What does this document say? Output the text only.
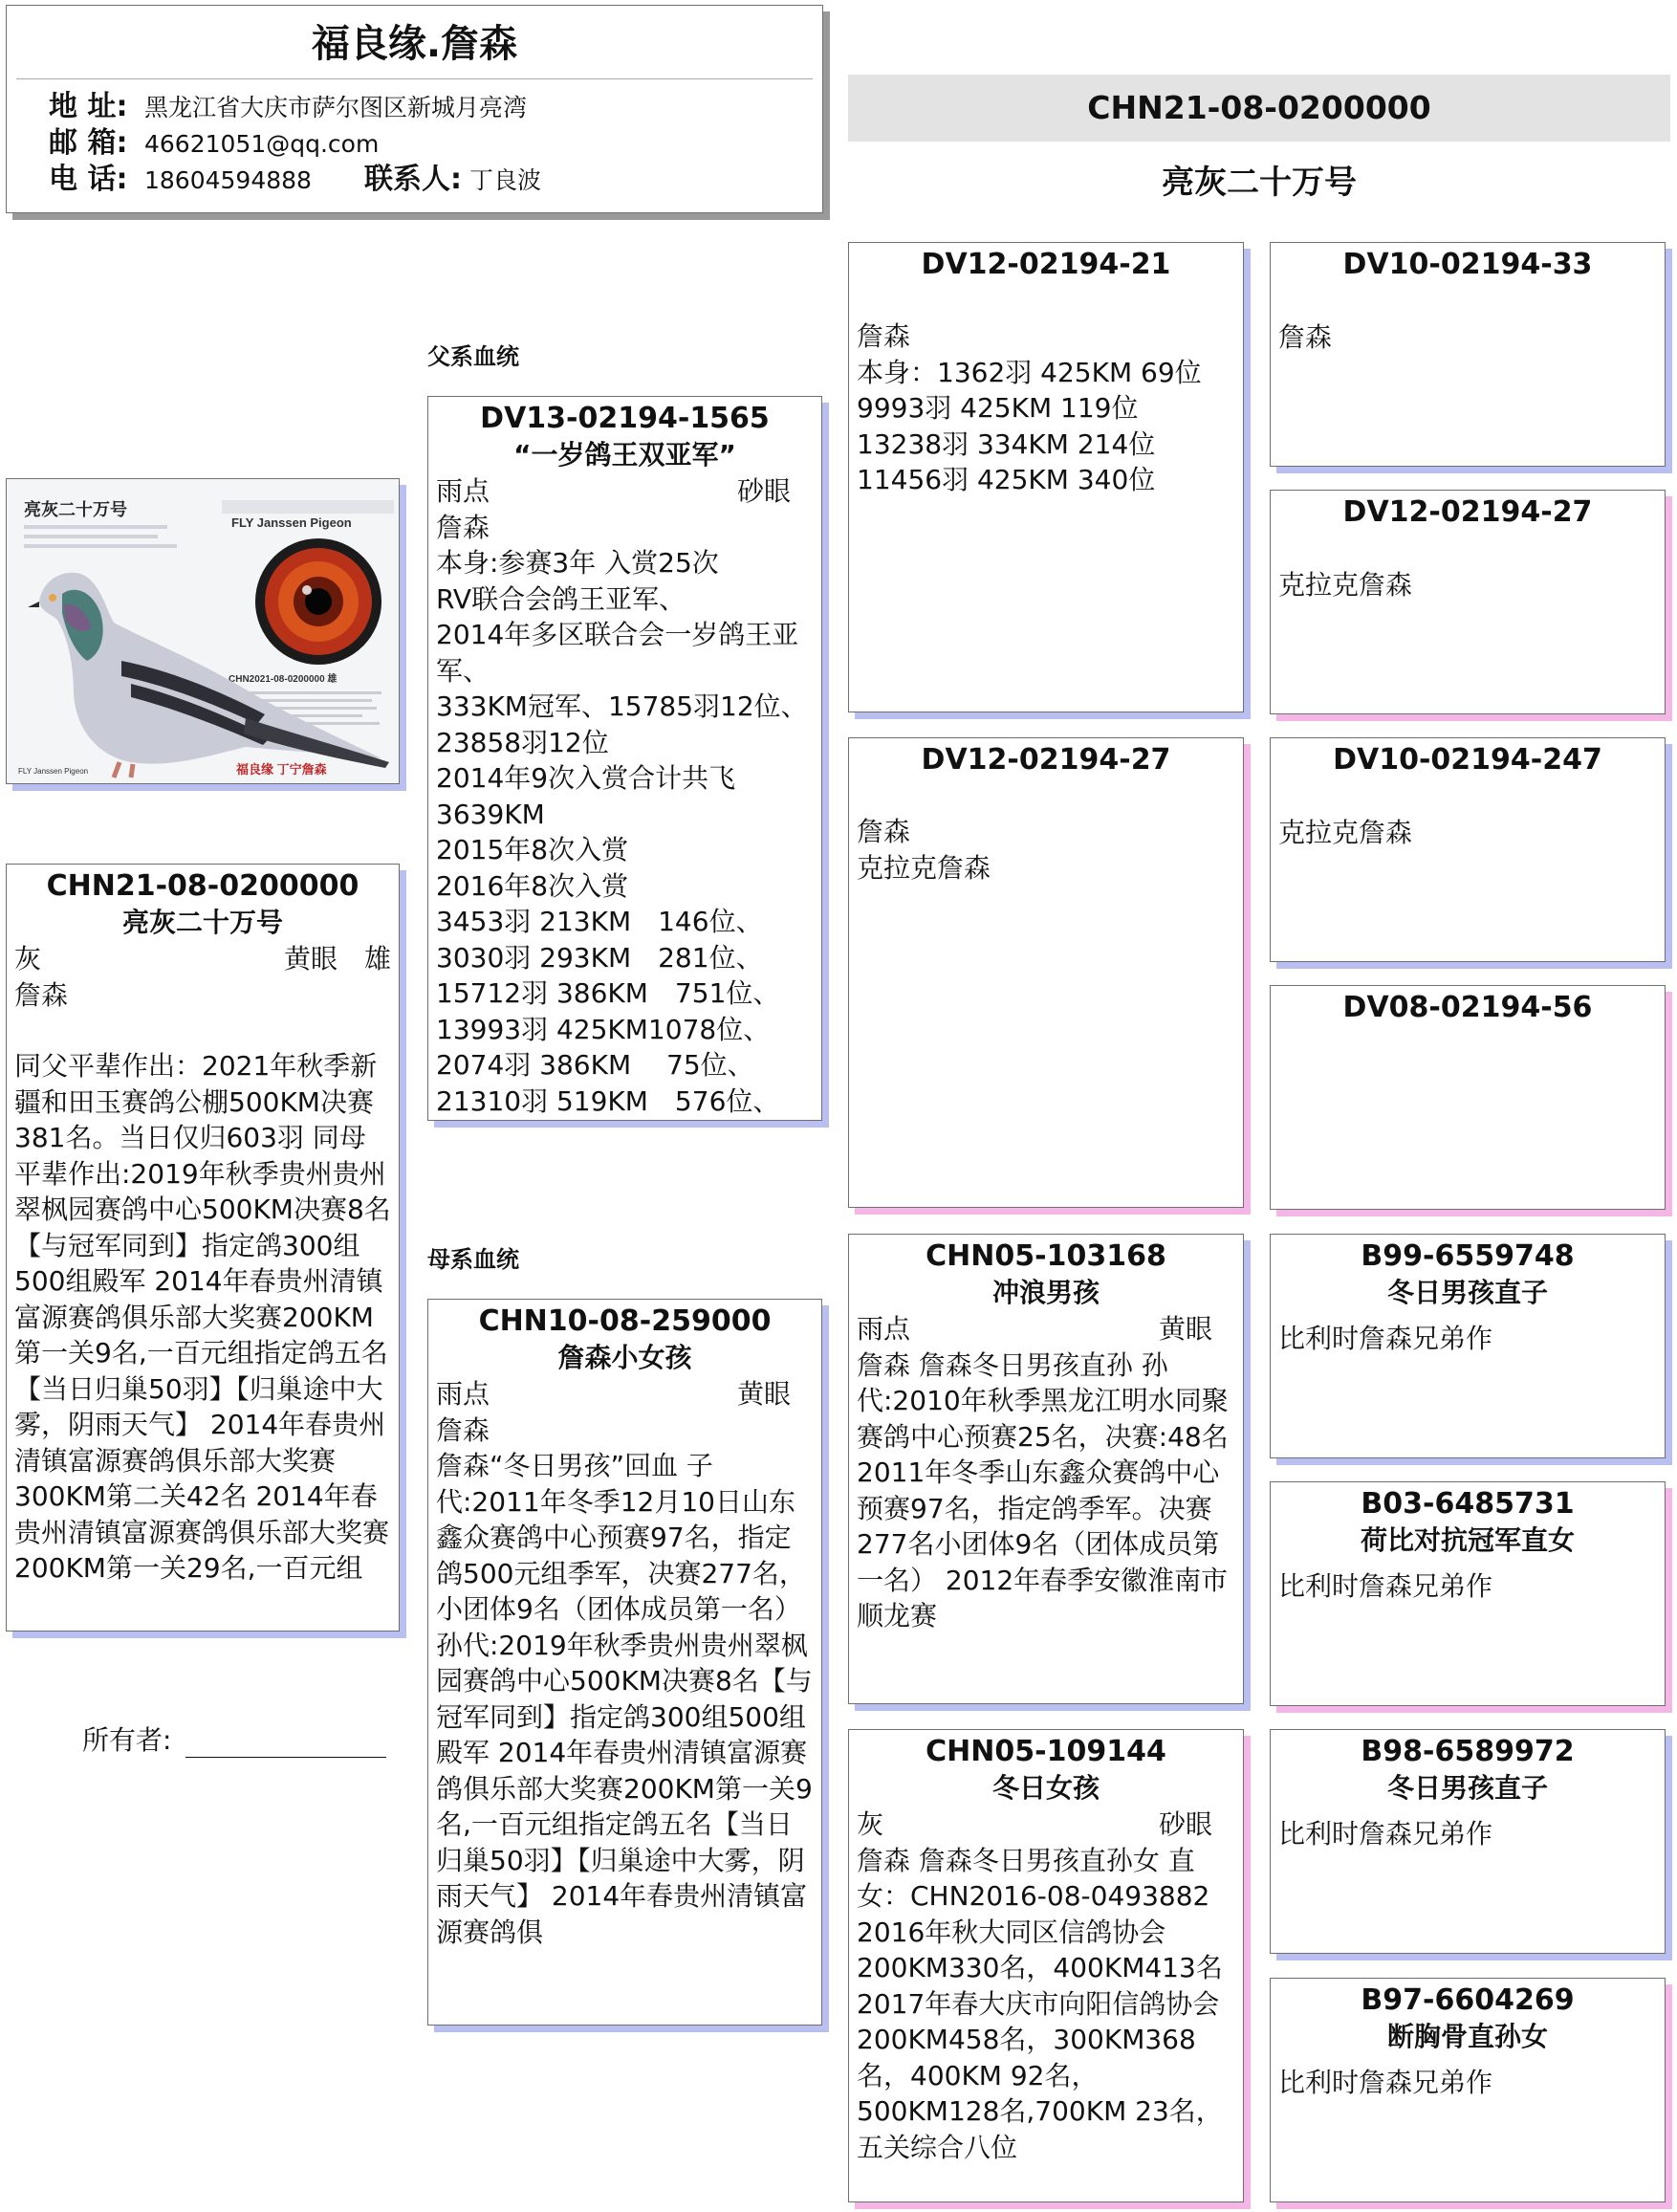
福良缘.詹森
地 址: 黑龙江省大庆市萨尔图区新城月亮湾
邮 箱: 46621051@qq.com
电 话: 18604594888 联系人: 丁良波
CHN21-08-0200000
亮灰二十万号
亮灰二十万号
FLY Janssen Pigeon
CHN2021-08-0200000 雄
FLY Janssen Pigeon	福良缘 丁宁詹森
CHN21-08-0200000
亮灰二十万号
灰	黄眼　雄
詹森
同父平辈作出：2021年秋季新疆和田玉赛鸽公棚500KM决赛381名。当日仅归603羽 同母平辈作出:2019年秋季贵州贵州翠枫园赛鸽中心500KM决赛8名【与冠军同到】指定鸽300组500组殿军 2014年春贵州清镇富源赛鸽俱乐部大奖赛200KM第一关9名,一百元组指定鸽五名【当日归巢50羽】【归巢途中大雾，阴雨天气】 2014年春贵州清镇富源赛鸽俱乐部大奖赛300KM第二关42名 2014年春贵州清镇富源赛鸽俱乐部大奖赛200KM第一关29名,一百元组
所有者:
父系血统
母系血统
DV13-02194-1565
“一岁鸽王双亚军”
雨点	砂眼
詹森
本身:参赛3年 入赏25次
RV联合会鸽王亚军、
2014年多区联合会一岁鸽王亚军、
333KM冠军、15785羽12位、
23858羽12位
2014年9次入赏合计共飞3639KM
2015年8次入赏
2016年8次入赏
3453羽 213KM　146位、
3030羽 293KM　281位、
15712羽 386KM　751位、
13993羽 425KM1078位、
2074羽 386KM　 75位、
21310羽 519KM　576位、
CHN10-08-259000
詹森小女孩
雨点	黄眼
詹森
詹森“冬日男孩”回血 子代:2011年冬季12月10日山东鑫众赛鸽中心预赛97名，指定鸽500元组季军，决赛277名，小团体9名（团体成员第一名） 孙代:2019年秋季贵州贵州翠枫园赛鸽中心500KM决赛8名【与冠军同到】指定鸽300组500组殿军 2014年春贵州清镇富源赛鸽俱乐部大奖赛200KM第一关9名,一百元组指定鸽五名【当日归巢50羽】【归巢途中大雾，阴雨天气】 2014年春贵州清镇富源赛鸽俱
DV12-02194-21
詹森
本身：1362羽 425KM 69位
9993羽 425KM 119位
13238羽 334KM 214位
11456羽 425KM 340位
DV12-02194-27
詹森
克拉克詹森
CHN05-103168
冲浪男孩
雨点	黄眼
詹森 詹森冬日男孩直孙 孙代:2010年秋季黑龙江明水同聚赛鸽中心预赛25名，决赛:48名 2011年冬季山东鑫众赛鸽中心预赛97名，指定鸽季军。决赛277名小团体9名（团体成员第一名） 2012年春季安徽淮南市顺龙赛
CHN05-109144
冬日女孩
灰	砂眼
詹森 詹森冬日男孩直孙女 直女：CHN2016-08-0493882 2016年秋大同区信鸽协会200KM330名，400KM413名 2017年春大庆市向阳信鸽协会200KM458名，300KM368名，400KM 92名，500KM128名,700KM 23名，五关综合八位
DV10-02194-33
詹森
DV12-02194-27
克拉克詹森
DV10-02194-247
克拉克詹森
DV08-02194-56
B99-6559748
冬日男孩直子
比利时詹森兄弟作
B03-6485731
荷比对抗冠军直女
比利时詹森兄弟作
B98-6589972
冬日男孩直子
比利时詹森兄弟作
B97-6604269
断胸骨直孙女
比利时詹森兄弟作
